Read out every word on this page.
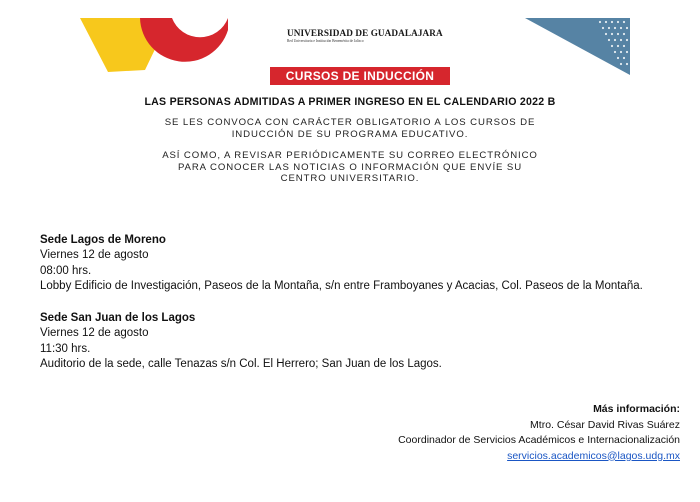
UNIVERSIDAD DE GUADALAJARA
Red Universitaria e Institución Benemérita de Jalisco
CURSOS DE INDUCCIÓN
LAS PERSONAS ADMITIDAS A PRIMER INGRESO EN EL CALENDARIO 2022 B
SE LES CONVOCA CON CARÁCTER OBLIGATORIO A LOS CURSOS DE
INDUCCIÓN DE SU PROGRAMA EDUCATIVO.
ASÍ COMO, A REVISAR PERIÓDICAMENTE SU CORREO ELECTRÓNICO
PARA CONOCER LAS NOTICIAS O INFORMACIÓN QUE ENVÍE SU
CENTRO UNIVERSITARIO.
Sede Lagos de Moreno
Viernes 12 de agosto
08:00 hrs.
Lobby Edificio de Investigación, Paseos de la Montaña, s/n entre Framboyanes y Acacias, Col. Paseos de la Montaña.
Sede San Juan de los Lagos
Viernes 12 de agosto
11:30 hrs.
Auditorio de la sede, calle Tenazas s/n Col. El Herrero; San Juan de los Lagos.
Más información:
Mtro. César David Rivas Suárez
Coordinador de Servicios Académicos e Internacionalización
servicios.academicos@lagos.udg.mx
